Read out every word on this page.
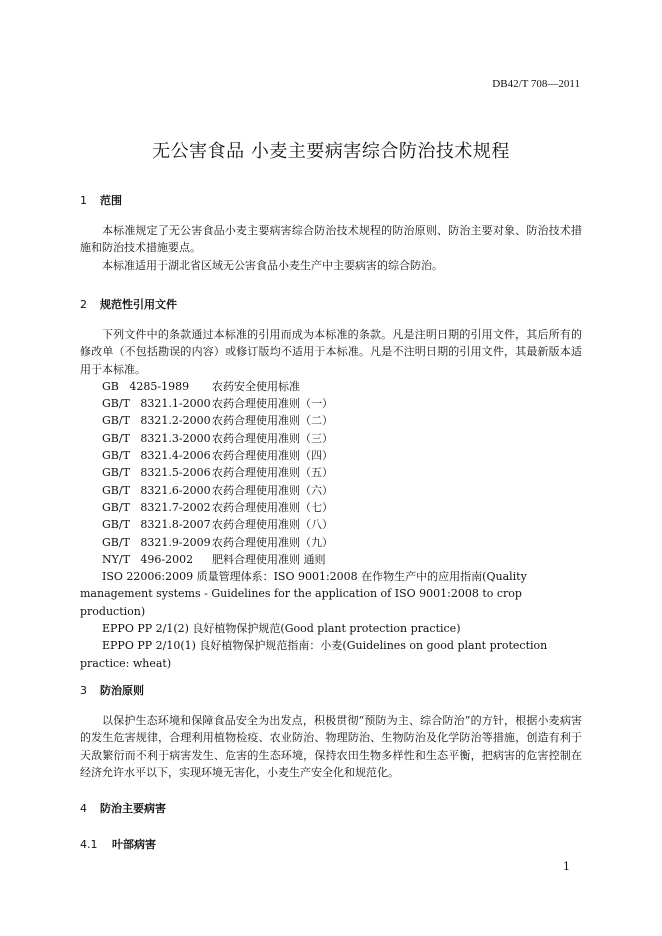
DB42/T 708—2011
无公害食品 小麦主要病害综合防治技术规程
1 范围

本标准规定了无公害食品小麦主要病害综合防治技术规程的防治原则、防治主要对象、防治技术措施和防治技术措施要点。

本标准适用于湖北省区域无公害食品小麦生产中主要病害的综合防治。

2 规范性引用文件

下列文件中的条款通过本标准的引用而成为本标准的条款。凡是注明日期的引用文件，其后所有的修改单（不包括勘误的内容）或修订版均不适用于本标准。凡是不注明日期的引用文件，其最新版本适用于本标准。

GB   4285-1989 农药安全使用标准

GB/T   8321.1-2000农药合理使用准则（一）

GB/T   8321.2-2000农药合理使用准则（二）

GB/T   8321.3-2000农药合理使用准则（三）

GB/T   8321.4-2006农药合理使用准则（四）

GB/T   8321.5-2006农药合理使用准则（五）

GB/T   8321.6-2000农药合理使用准则（六）

GB/T   8321.7-2002农药合理使用准则（七）

GB/T   8321.8-2007农药合理使用准则（八）

GB/T   8321.9-2009农药合理使用准则（九）

NY/T   496-2002 肥料合理使用准则 通则

ISO 22006:2009 质量管理体系：ISO 9001:2008 在作物生产中的应用指南(Quality management systems - Guidelines for the application of ISO 9001:2008 to crop production)

EPPO PP 2/1(2) 良好植物保护规范(Good plant protection practice)

EPPO PP 2/10(1) 良好植物保护规范指南：小麦(Guidelines on good plant protection practice: wheat)

3 防治原则

以保护生态环境和保障食品安全为出发点，积极贯彻“预防为主、综合防治”的方针，根据小麦病害的发生危害规律，合理利用植物检疫、农业防治、物理防治、生物防治及化学防治等措施，创造有利于天敌繁衍而不利于病害发生、危害的生态环境，保持农田生物多样性和生态平衡，把病害的危害控制在经济允许水平以下，实现环境无害化，小麦生产安全化和规范化。

4 防治主要病害
4.1 叶部病害
1
